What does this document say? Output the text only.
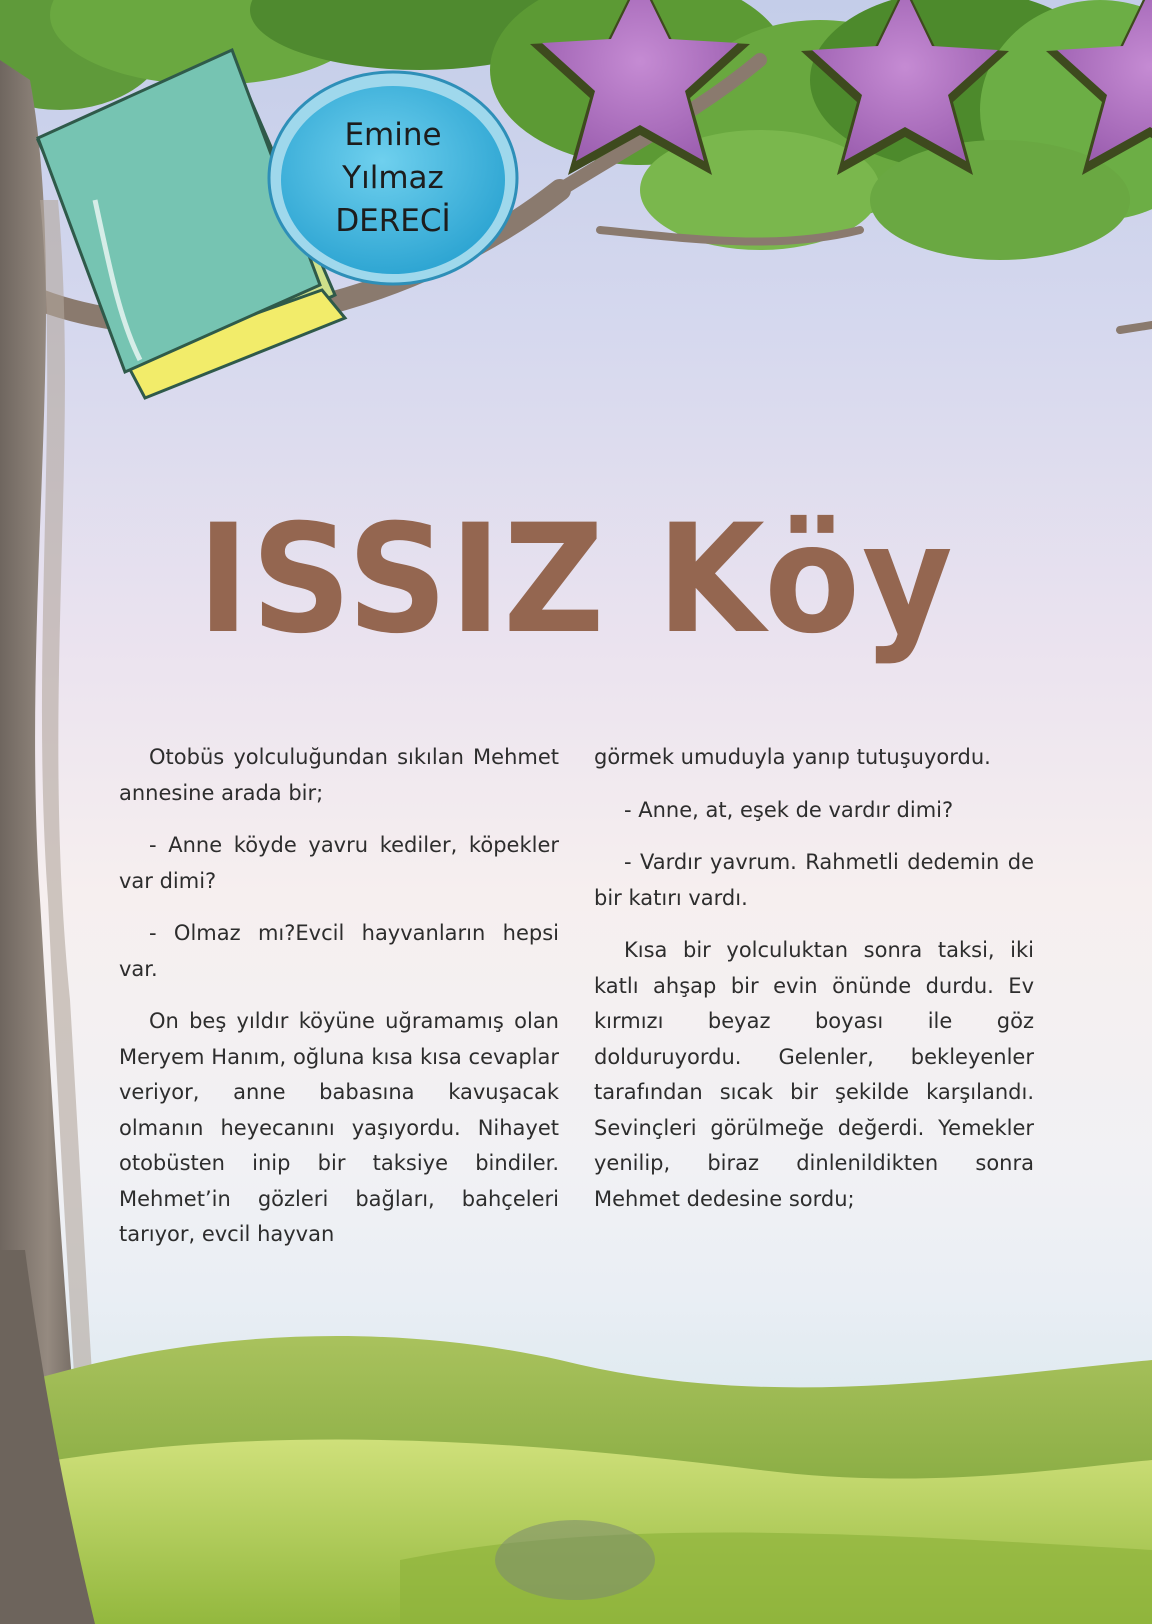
Emine
Yılmaz
DERECİ
ISSIZ Köy

Otobüs yolculuğundan sıkılan Mehmet annesine arada bir;

- Anne köyde yavru kediler, köpekler var dimi?

- Olmaz mı?Evcil hayvanların hepsi var.

On beş yıldır köyüne uğramamış olan Meryem Hanım, oğluna kısa kısa cevaplar veriyor, anne babasına kavuşacak olmanın heyecanını yaşıyordu. Nihayet otobüsten inip bir taksiye bindiler. Mehmet’in gözleri bağları, bahçeleri tarıyor, evcil hayvan

görmek umuduyla yanıp tutuşuyordu.

- Anne, at, eşek de vardır dimi?

- Vardır yavrum. Rahmetli dedemin de bir katırı vardı.

Kısa bir yolculuktan sonra taksi, iki katlı ahşap bir evin önünde durdu. Ev kırmızı beyaz boyası ile göz dolduruyordu. Gelenler, bekleyenler tarafından sıcak bir şekilde karşılandı. Sevinçleri görülmeğe değerdi. Yemekler yenilip, biraz dinlenildikten sonra Mehmet dedesine sordu;
